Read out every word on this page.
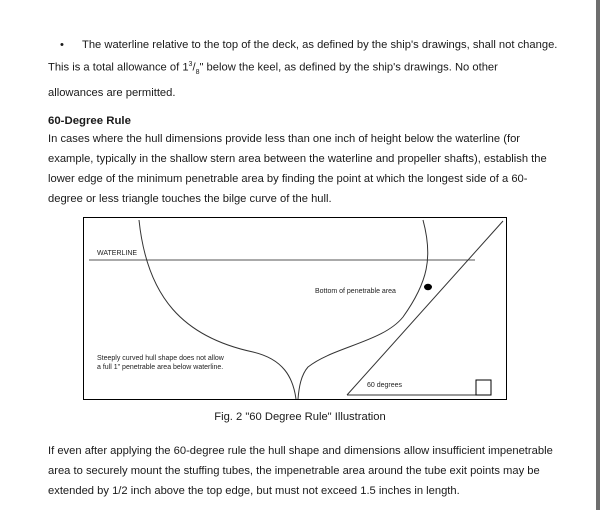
• The waterline relative to the top of the deck, as defined by the ship's drawings, shall not change.
This is a total allowance of $1^3/_8$" below the keel, as defined by the ship's drawings. No other allowances are permitted.
60-Degree Rule
In cases where the hull dimensions provide less than one inch of height below the waterline (for example, typically in the shallow stern area between the waterline and propeller shafts), establish the lower edge of the minimum penetrable area by finding the point at which the longest side of a 60-degree or less triangle touches the bilge curve of the hull.
WATERLINE
Bottom of penetrable area
Steeply curved hull shape does not allow
a full 1" penetrable area below waterline.
60 degrees
Fig. 2 "60 Degree Rule" Illustration
If even after applying the 60-degree rule the hull shape and dimensions allow insufficient impenetrable area to securely mount the stuffing tubes, the impenetrable area around the tube exit points may be extended by 1/2 inch above the top edge, but must not exceed 1.5 inches in length.
